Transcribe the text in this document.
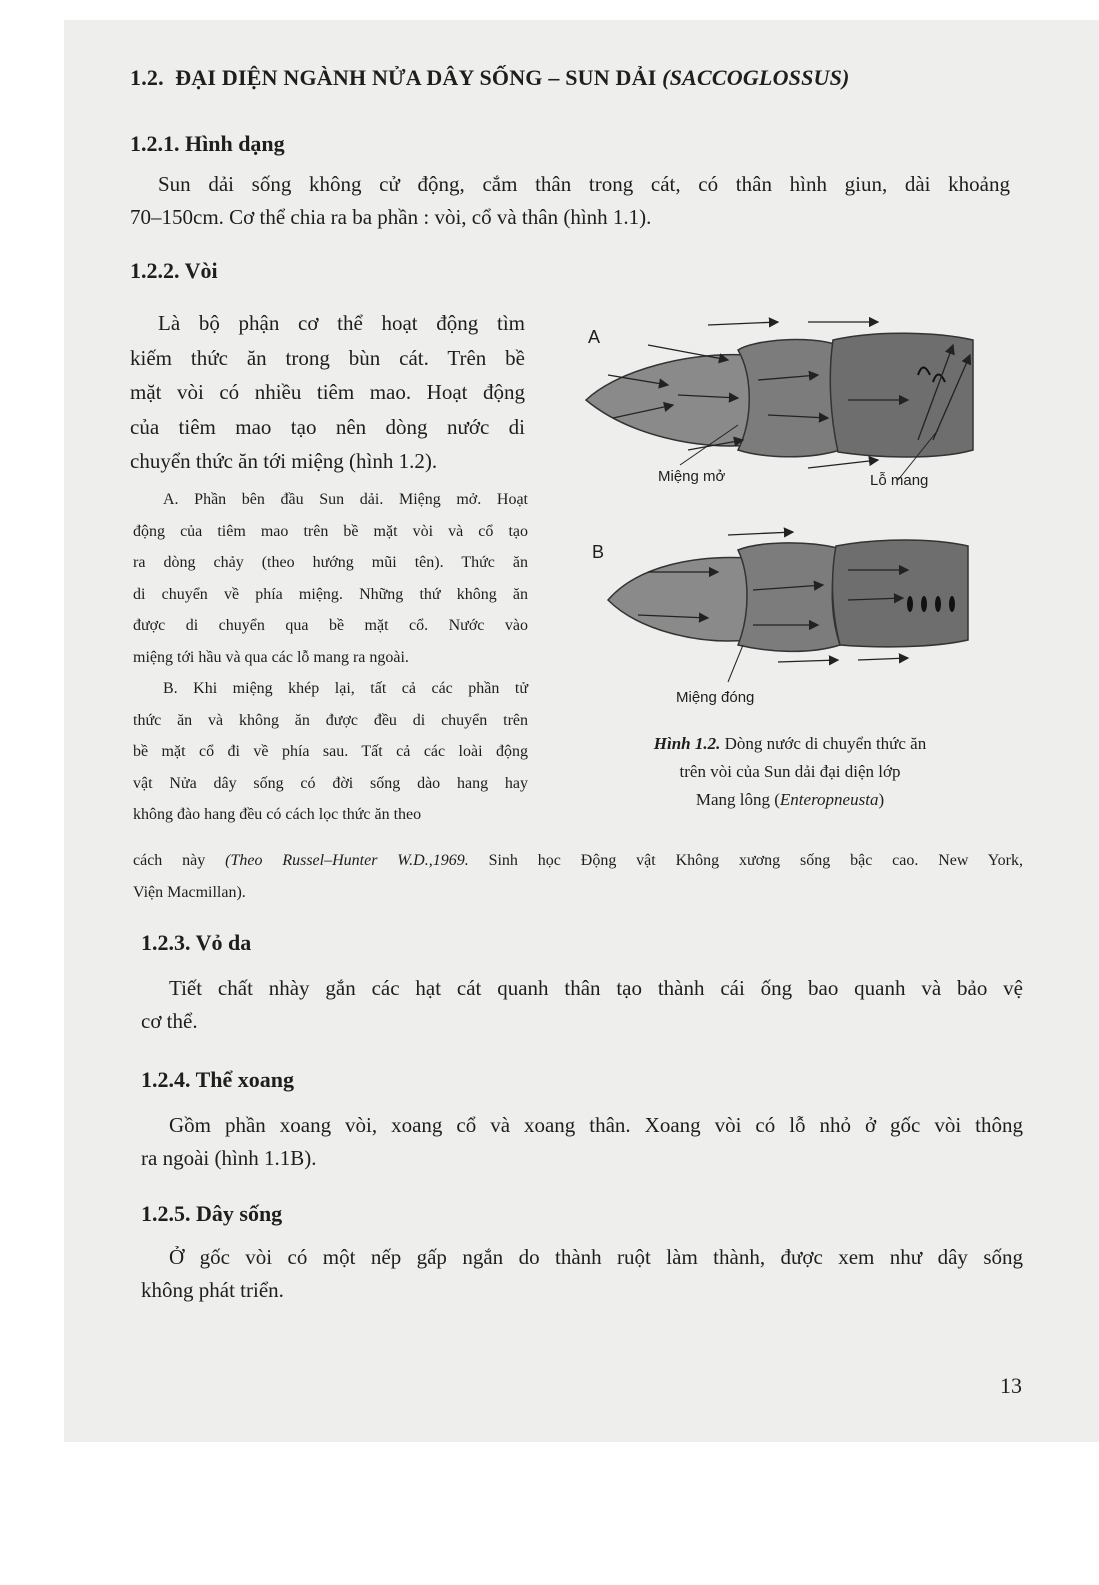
1.2. ĐẠI DIỆN NGÀNH NỬA DÂY SỐNG – SUN DẢI (SACCOGLOSSUS)
1.2.1. Hình dạng
Sun dải sống không cử động, cắm thân trong cát, có thân hình giun, dài khoảng
70–150cm. Cơ thể chia ra ba phần : vòi, cổ và thân (hình 1.1).
1.2.2. Vòi
Là bộ phận cơ thể hoạt động tìm
kiếm thức ăn trong bùn cát. Trên bề
mặt vòi có nhiều tiêm mao. Hoạt động
của tiêm mao tạo nên dòng nước di
chuyển thức ăn tới miệng (hình 1.2).
A. Phần bên đầu Sun dải. Miệng mở. Hoạt
động của tiêm mao trên bề mặt vòi và cổ tạo
ra dòng chảy (theo hướng mũi tên). Thức ăn
di chuyển về phía miệng. Những thứ không ăn
được di chuyển qua bề mặt cổ. Nước vào
miệng tới hầu và qua các lỗ mang ra ngoài.
B. Khi miệng khép lại, tất cả các phần tử
thức ăn và không ăn được đều di chuyển trên
bề mặt cổ đi về phía sau. Tất cả các loài động
vật Nửa dây sống có đời sống dào hang hay
không đào hang đều có cách lọc thức ăn theo
cách này (Theo Russel–Hunter W.D.,1969. Sinh học Động vật Không xương sống bậc cao. New York,
Viện Macmillan).
A
B
Miệng mở	Lỗ mang
Miệng đóng
Hình 1.2. Dòng nước di chuyển thức ăn
trên vòi của Sun dải đại diện lớp
Mang lông (Enteropneusta)
1.2.3. Vỏ da
Tiết chất nhày gắn các hạt cát quanh thân tạo thành cái ống bao quanh và bảo vệ
cơ thể.
1.2.4. Thể xoang
Gồm phần xoang vòi, xoang cổ và xoang thân. Xoang vòi có lỗ nhỏ ở gốc vòi thông
ra ngoài (hình 1.1B).
1.2.5. Dây sống
Ở gốc vòi có một nếp gấp ngắn do thành ruột làm thành, được xem như dây sống
không phát triển.
13
